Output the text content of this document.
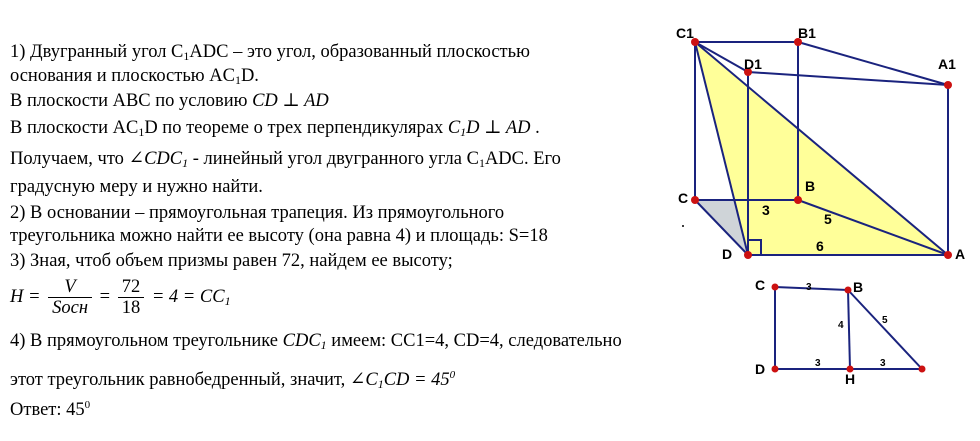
1) Двугранный угол $C_1ADC$ – это угол, образованный плоскостью
основания и плоскостью $AC_1D$.
В плоскости ABC по условию CD ⊥ AD
В плоскости $AC_1D$ по теореме о трех перпендикулярах $C_1D$ ⊥ AD .
Получаем, что $\angle CDC_1$ - линейный угол двугранного угла $C_1ADC$. Его
градусную меру и нужно найти.
2) В основании – прямоугольная трапеция. Из прямоугольного
треугольника можно найти ее высоту (она равна 4) и площадь: S=18
3) Зная, чтоб объем призмы равен 72, найдем ее высоту;
$H = \frac{V}{\text{Sосн}} = \frac{72}{18} = 4 = CC_1$
4) В прямоугольном треугольнике $CDC_1$ имеем: CC1=4, CD=4, следовательно
этот треугольник равнобедренный, значит, $\angle C_1CD = 45^0$
Ответ: $45^0$
C1	B1
D1	A1
C
B
D	A
3
5
6
C	B
D
H
3
4	5
3	3
